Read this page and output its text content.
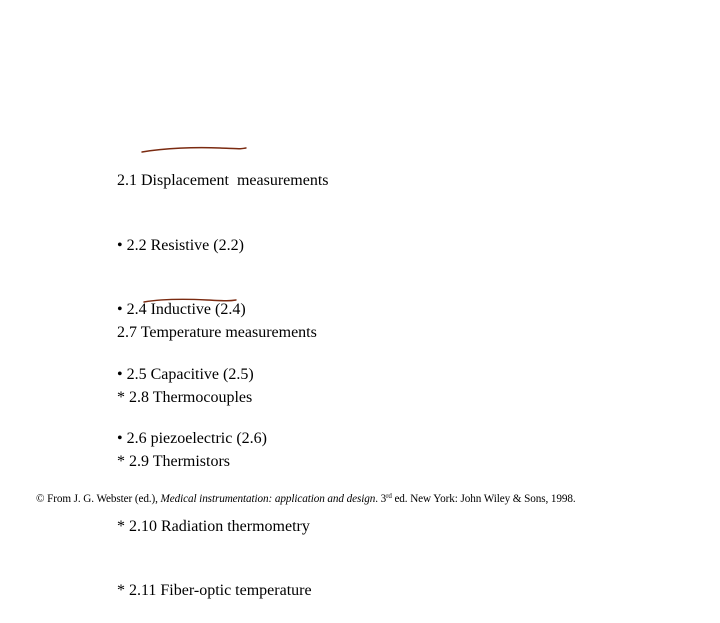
2.1 Displacement  measurements

• 2.2 Resistive (2.2)

• 2.4 Inductive (2.4)

• 2.5 Capacitive (2.5)

• 2.6 piezoelectric (2.6)

2.7 Temperature measurements

* 2.8 Thermocouples

* 2.9 Thermistors

* 2.10 Radiation thermometry

* 2.11 Fiber-optic temperature

© From J. G. Webster (ed.), Medical instrumentation: application and design. 3rd ed. New York: John Wiley & Sons, 1998.
